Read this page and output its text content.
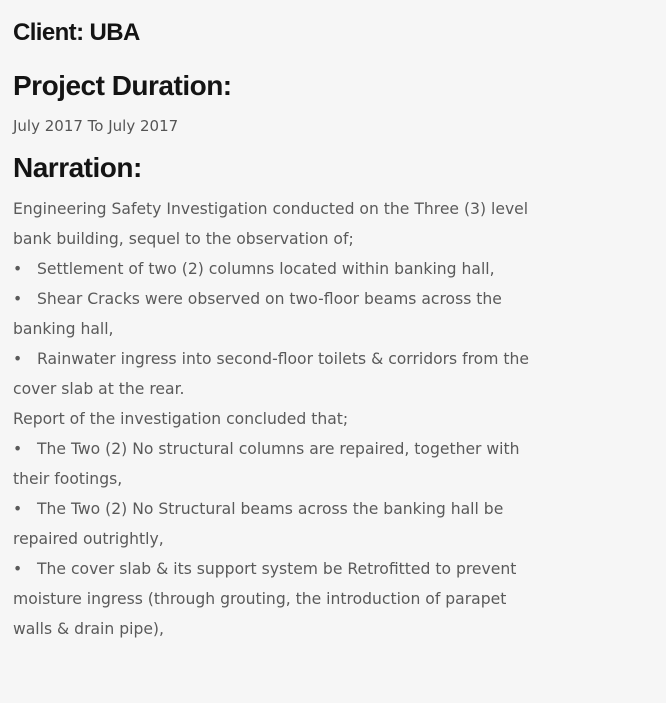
Client: UBA
Project Duration:
July 2017 To July 2017
Narration:
Engineering Safety Investigation conducted on the Three (3) level
bank building, sequel to the observation of;
• Settlement of two (2) columns located within banking hall,
• Shear Cracks were observed on two-floor beams across the
banking hall,
• Rainwater ingress into second-floor toilets & corridors from the
cover slab at the rear.
Report of the investigation concluded that;
• The Two (2) No structural columns are repaired, together with
their footings,
• The Two (2) No Structural beams across the banking hall be
repaired outrightly,
• The cover slab & its support system be Retrofitted to prevent
moisture ingress (through grouting, the introduction of parapet
walls & drain pipe),
